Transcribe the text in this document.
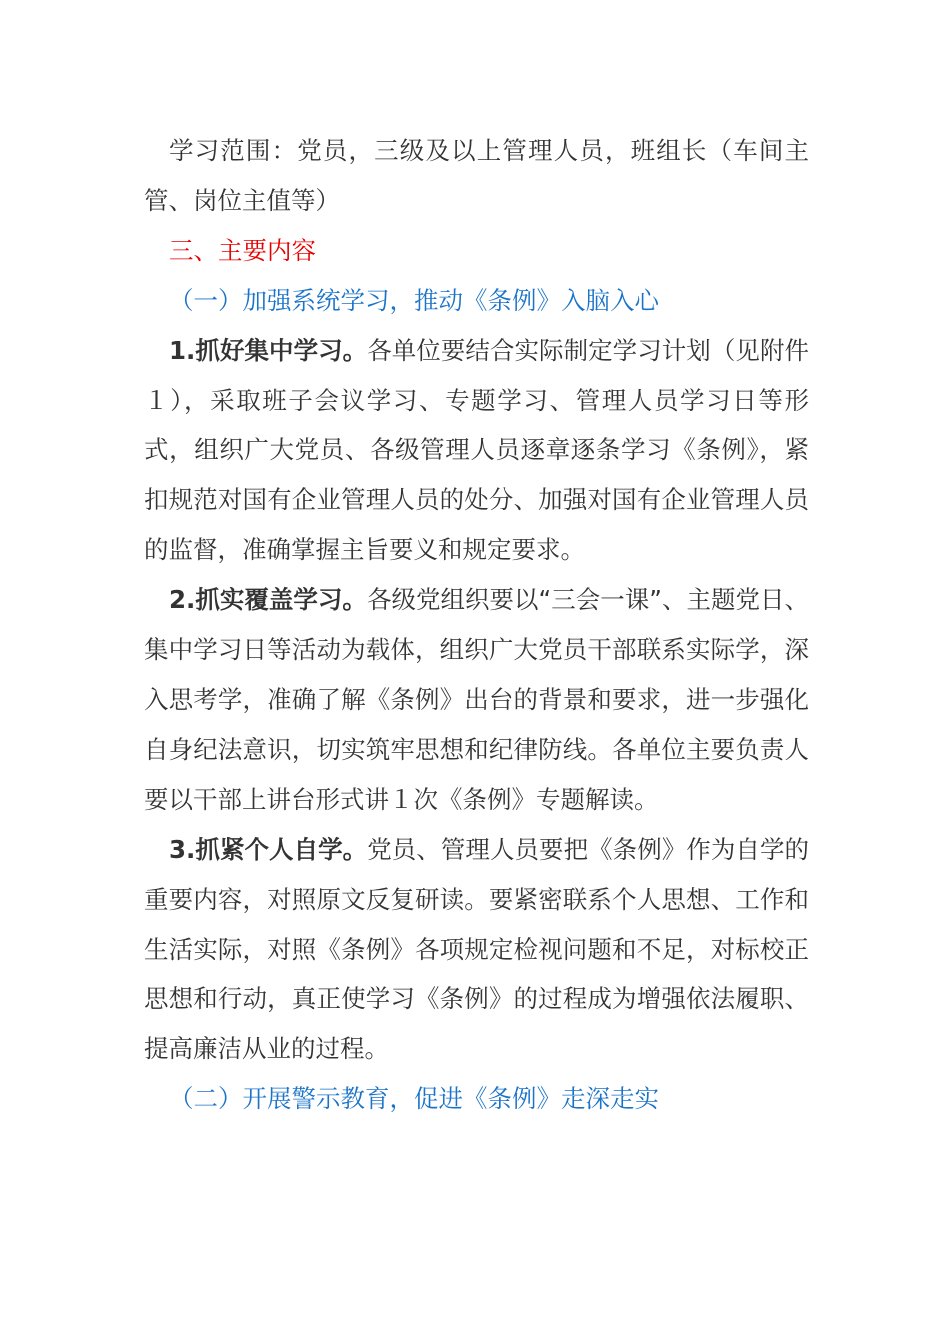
学习范围：党员，三级及以上管理人员，班组长（车间主管、岗位主值等）

三、主要内容

（一）加强系统学习，推动《条例》入脑入心

1.抓好集中学习。各单位要结合实际制定学习计划（见附件１），采取班子会议学习、专题学习、管理人员学习日等形式，组织广大党员、各级管理人员逐章逐条学习《条例》，紧扣规范对国有企业管理人员的处分、加强对国有企业管理人员的监督，准确掌握主旨要义和规定要求。

2.抓实覆盖学习。各级党组织要以“三会一课”、主题党日、集中学习日等活动为载体，组织广大党员干部联系实际学，深入思考学，准确了解《条例》出台的背景和要求，进一步强化自身纪法意识，切实筑牢思想和纪律防线。各单位主要负责人要以干部上讲台形式讲１次《条例》专题解读。

3.抓紧个人自学。党员、管理人员要把《条例》作为自学的重要内容，对照原文反复研读。要紧密联系个人思想、工作和生活实际，对照《条例》各项规定检视问题和不足，对标校正思想和行动，真正使学习《条例》的过程成为增强依法履职、提高廉洁从业的过程。

（二）开展警示教育，促进《条例》走深走实
